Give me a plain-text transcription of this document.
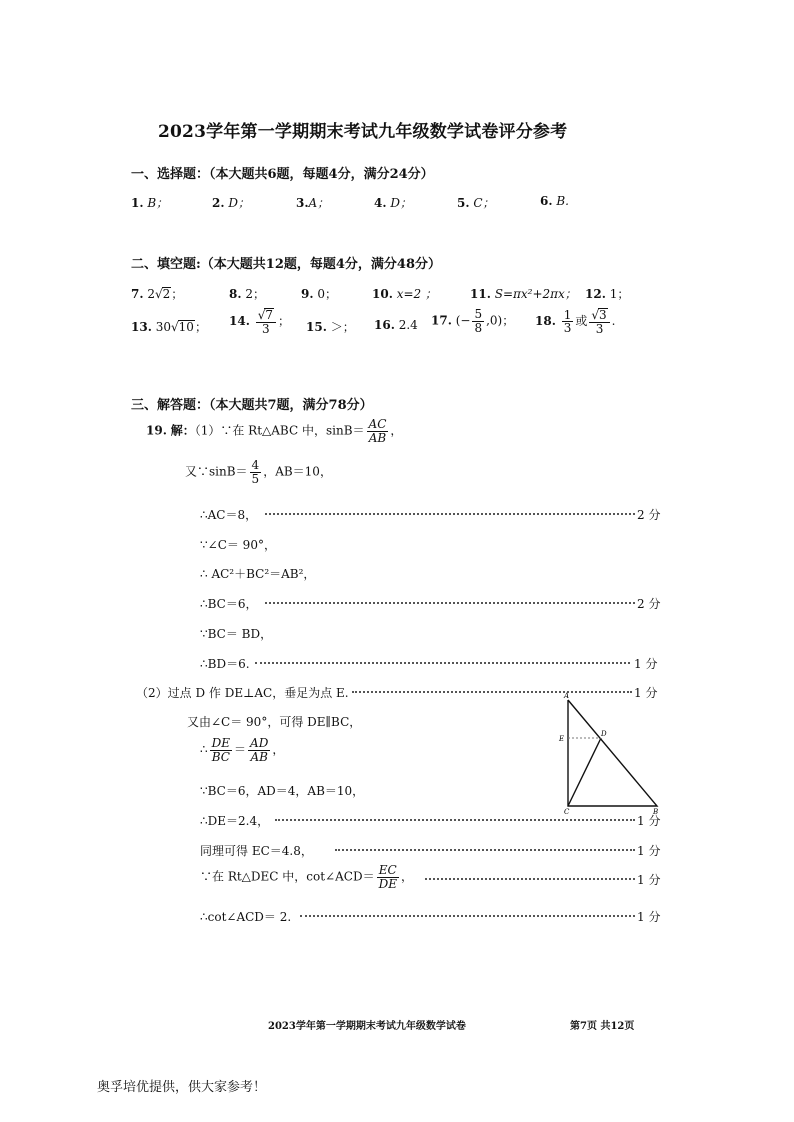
2023学年第一学期期末考试九年级数学试卷评分参考
一、选择题：（本大题共6题，每题4分，满分24分）
1. B；	2. D；	3.A；	4. D；	5. C；	6. B.
二、填空题:（本大题共12题，每题4分，满分48分）
7. 2√2；	8. 2；	9. 0；	10. x=2 ；	11. S=πx²+2πx； 12. 1；
13. 30√10； 14. $\frac{√7}{3}$ ； 15. ＞； 16. 2.4 17. (− $\frac{5}{8} ,0$)； 18. $\frac{1}{3}$ 或 $\frac{√3}{3}$ .
三、解答题：（本大题共7题，满分78分）
19. 解：（1）∵在 Rt△ABC 中，$\sin B= \frac{AC}{AB}$ ，
又∵sinB＝ $\frac{4}{5}$ ，AB＝10，
∴AC＝8，	2 分
∵∠C＝ 90°，
∴ AC²＋BC²＝AB²，
∴BC＝6，	2 分
∵BC＝ BD，
∴BD＝6.	1 分
（2）过点 D 作 DE⊥AC，垂足为点 E.	1 分
又由∠C＝ 90°，可得 DE∥BC，
∴ $\frac{DE}{BC} = \frac{AD}{AB}$ ，
∵BC＝6，AD＝4，AB＝10，
∴DE＝2.4，	1 分
同理可得 EC＝4.8，	1 分
∵在 Rt△DEC 中，cot∠ACD＝ $\frac{EC}{DE}$ ，	1 分
∴cot∠ACD＝ 2.	1 分
A
E
D
C	B
2023学年第一学期期末考试九年级数学试卷	第7页 共12页
奥孚培优提供，供大家参考！
